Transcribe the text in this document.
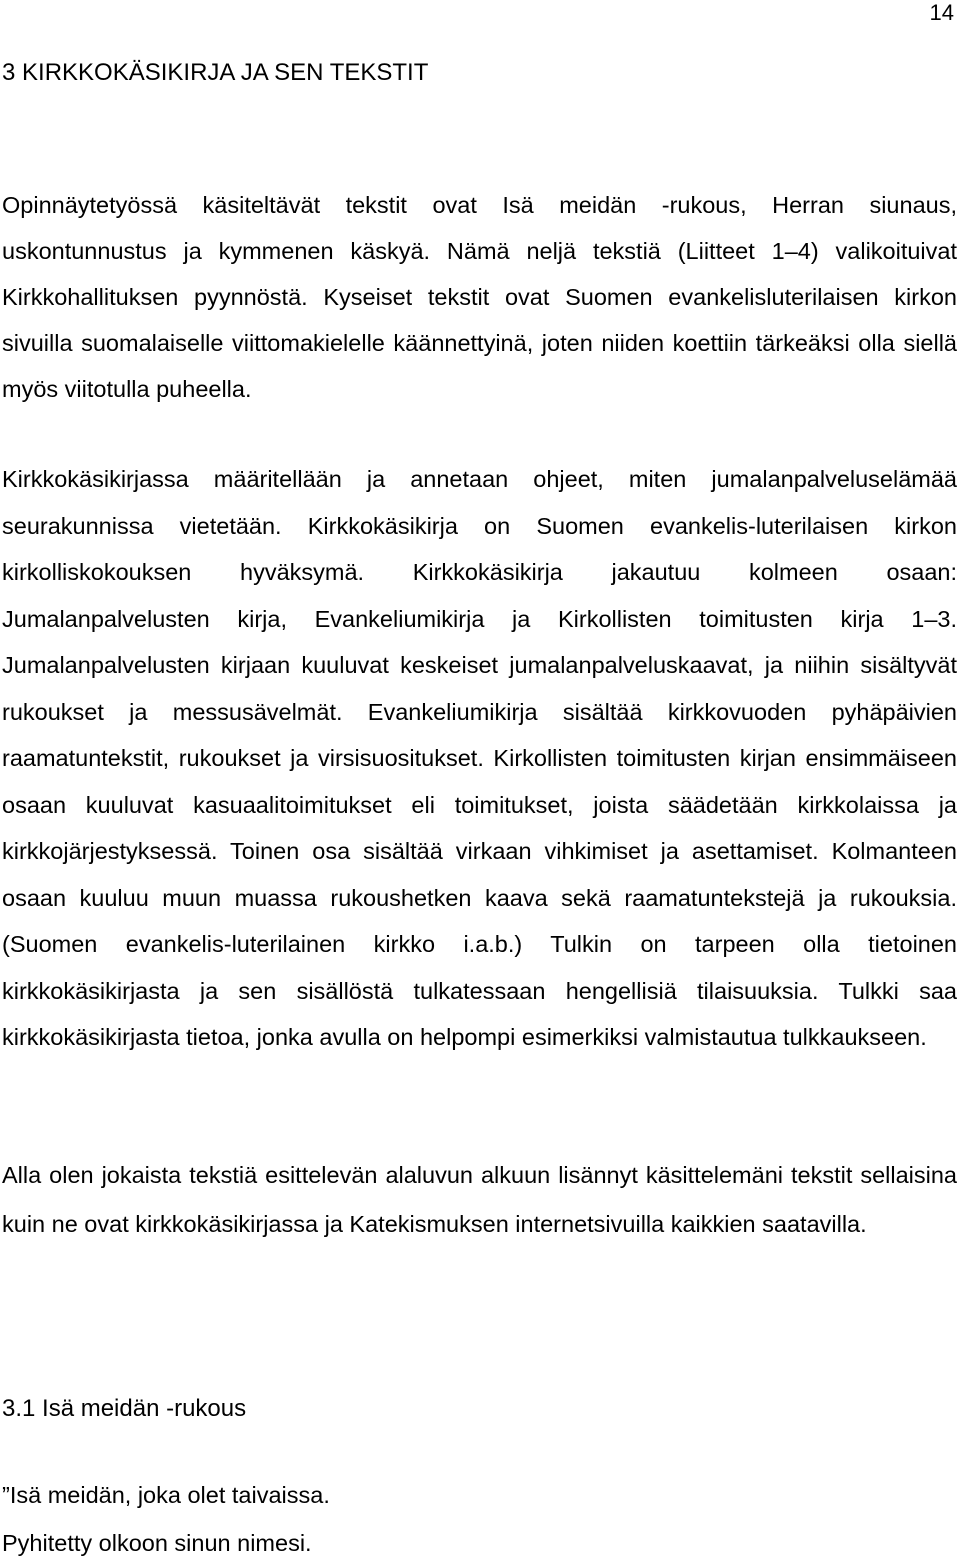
14
3 KIRKKOKÄSIKIRJA JA SEN TEKSTIT

Opinnäytetyössä käsiteltävät tekstit ovat Isä meidän -rukous, Herran siunaus, uskontunnustus ja kymmenen käskyä. Nämä neljä tekstiä (Liitteet 1–4) valikoituivat Kirkkohallituksen pyynnöstä. Kyseiset tekstit ovat Suomen evankelisluterilaisen kirkon sivuilla suomalaiselle viittomakielelle käännettyinä, joten niiden koettiin tärkeäksi olla siellä myös viitotulla puheella.

Kirkkokäsikirjassa määritellään ja annetaan ohjeet, miten jumalanpalveluselämää seurakunnissa vietetään. Kirkkokäsikirja on Suomen evankelis-luterilaisen kirkon kirkolliskokouksen hyväksymä. Kirkkokäsikirja jakautuu kolmeen osaan: Jumalanpalvelusten kirja, Evankeliumikirja ja Kirkollisten toimitusten kirja 1–3. Jumalanpalvelusten kirjaan kuuluvat keskeiset jumalanpalveluskaavat, ja niihin sisältyvät rukoukset ja messusävelmät. Evankeliumikirja sisältää kirkkovuoden pyhäpäivien raamatuntekstit, rukoukset ja virsisuositukset. Kirkollisten toimitusten kirjan ensimmäiseen osaan kuuluvat kasuaalitoimitukset eli toimitukset, joista säädetään kirkkolaissa ja kirkkojärjestyksessä. Toinen osa sisältää virkaan vihkimiset ja asettamiset. Kolmanteen osaan kuuluu muun muassa rukoushetken kaava sekä raamatuntekstejä ja rukouksia. (Suomen evankelis-luterilainen kirkko i.a.b.) Tulkin on tarpeen olla tietoinen kirkkokäsikirjasta ja sen sisällöstä tulkatessaan hengellisiä tilaisuuksia. Tulkki saa kirkkokäsikirjasta tietoa, jonka avulla on helpompi esimerkiksi valmistautua tulkkaukseen.

Alla olen jokaista tekstiä esittelevän alaluvun alkuun lisännyt käsittelemäni tekstit sellaisina kuin ne ovat kirkkokäsikirjassa ja Katekismuksen internetsivuilla kaikkien saatavilla.

3.1 Isä meidän -rukous

”Isä meidän, joka olet taivaissa.

Pyhitetty olkoon sinun nimesi.
